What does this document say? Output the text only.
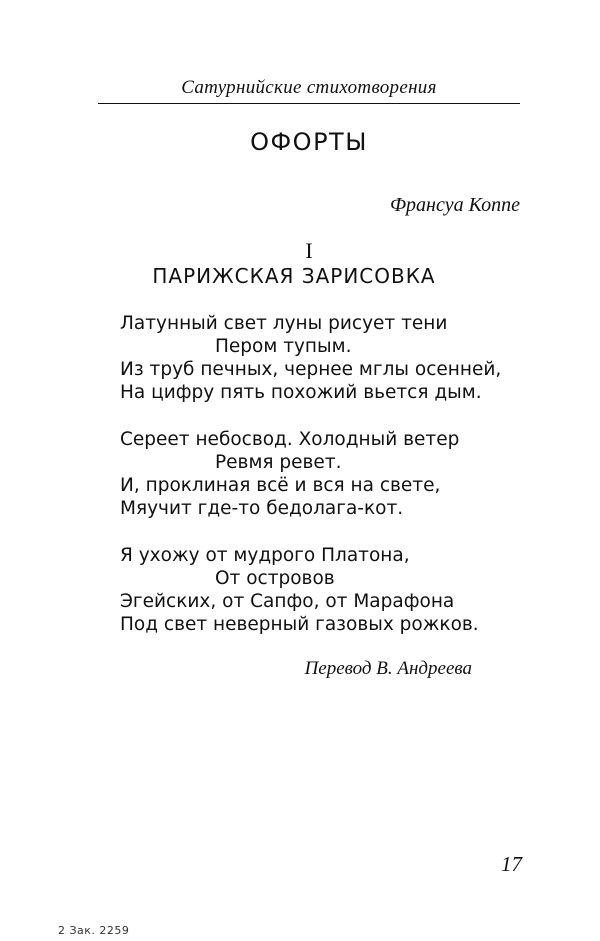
Сатурнийские стихотворения
ОФОРТЫ
Франсуа Коппе
I
ПАРИЖСКАЯ ЗАРИСОВКА
Латунный свет луны рисует тени
Пером тупым.
Из труб печных, чернее мглы осенней,
На цифру пять похожий вьется дым.
Сереет небосвод. Холодный ветер
Ревмя ревет.
И, проклиная всё и вся на свете,
Мяучит где-то бедолага-кот.
Я ухожу от мудрого Платона,
От островов
Эгейских, от Сапфо, от Марафона
Под свет неверный газовых рожков.
Перевод В. Андреева
17
2 Зак. 2259
